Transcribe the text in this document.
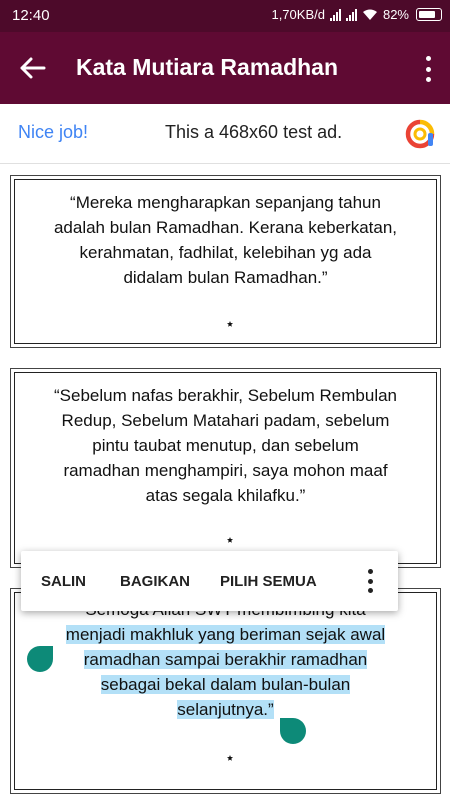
12:40	1,70KB/d	82%
Kata Mutiara Ramadhan
Nice job!	This a 468x60 test ad.
“Mereka mengharapkan sepanjang tahun
adalah bulan Ramadhan. Kerana keberkatan,
kerahmatan, fadhilat, kelebihan yg ada
didalam bulan Ramadhan.”
“Sebelum nafas berakhir, Sebelum Rembulan
Redup, Sebelum Matahari padam, sebelum
pintu taubat menutup, dan sebelum
ramadhan menghampiri, saya mohon maaf
atas segala khilafku.”
menjadi makhluk yang beriman sejak awal
ramadhan sampai berakhir ramadhan
sebagai bekal dalam bulan-bulan
selanjutnya.”
SALIN	BAGIKAN	PILIH SEMUA
